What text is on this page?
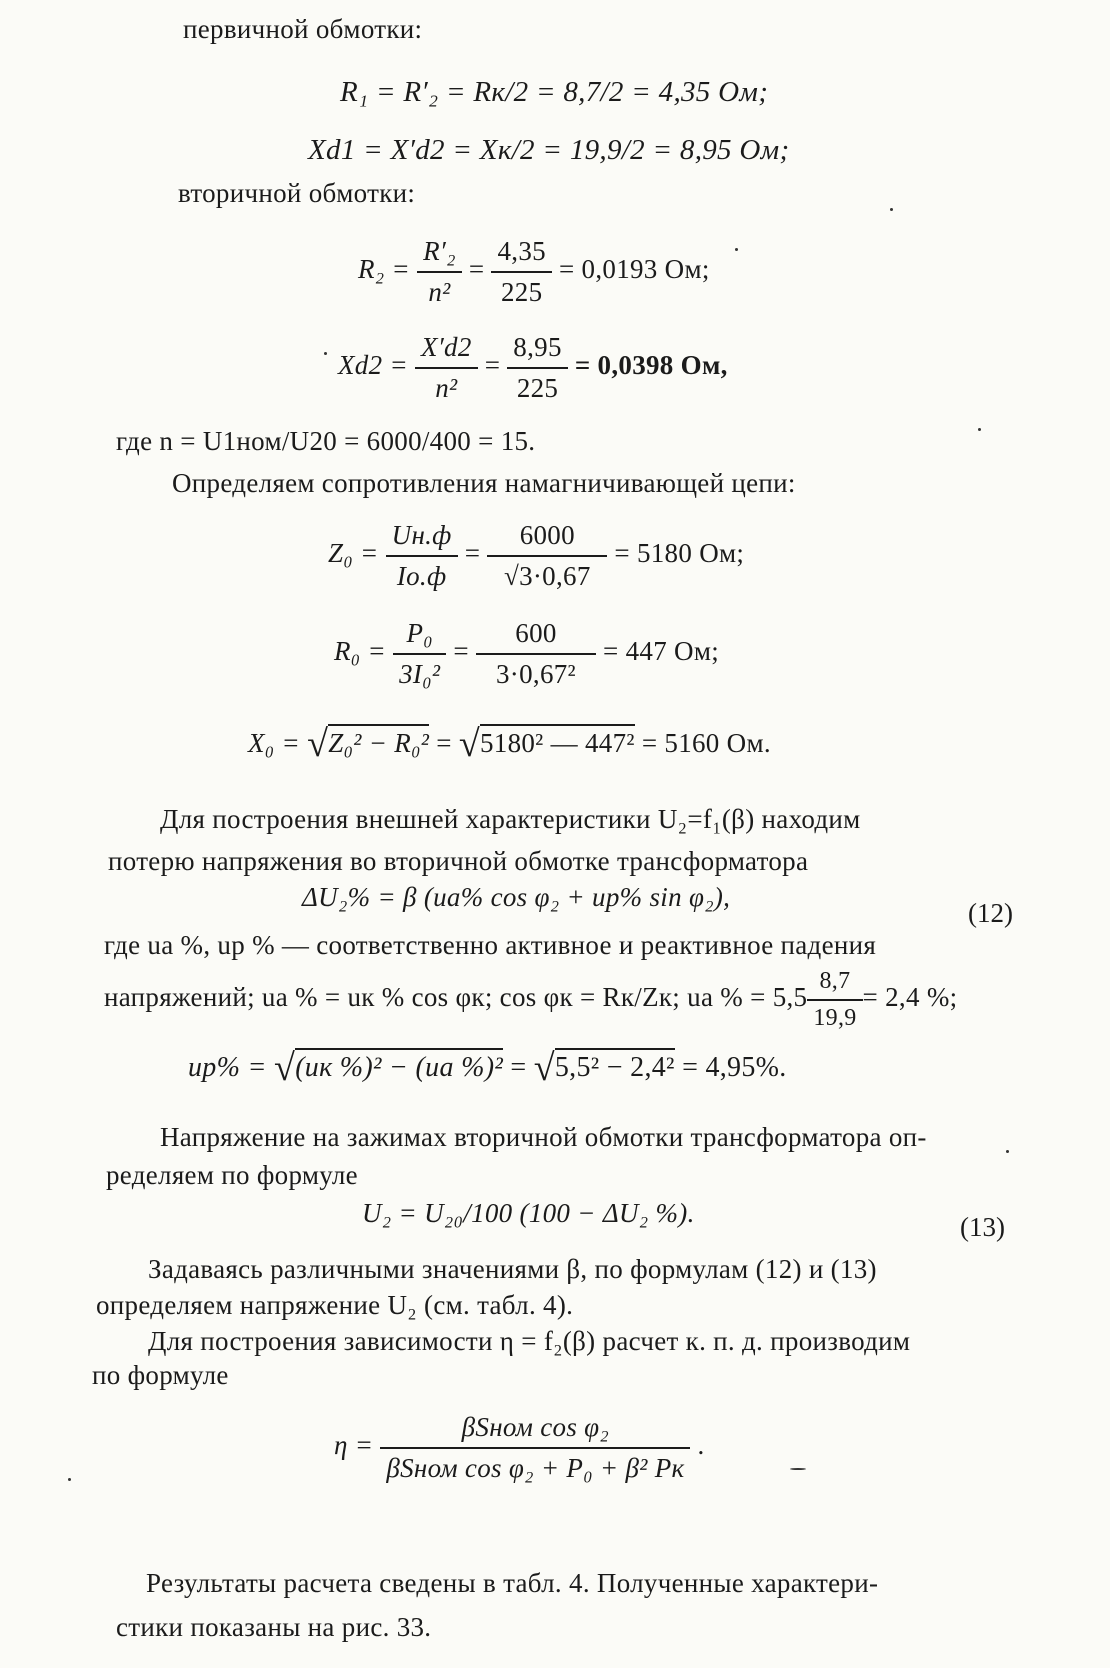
первичной обмотки:
R₁ = R′₂ = Rк/2 = 8,7/2 = 4,35 Ом;
Xd1 = X′d2 = Xк/2 = 19,9/2 = 8,95 Ом;
вторичной обмотки:
$R_2 = \frac{\text{R′₂}}{\text{n²}} = \frac{4,35}{225} = 0,0193$ Ом;
$Xd2 = \frac{X'd2}{\text{n²}} = \frac{8,95}{225} = 0,0398$ Ом,
где n = U1ном/U20 = 6000/400 = 15.
Определяем сопротивления намагничивающей цепи:
$Z_0 = \frac{Uн.ф}{Iо.ф} = \frac{6000}{√3\cdot 0,67} = 5180$ Ом;
$R_0 = \frac{\text{P₀}}{\text{3I₀²}} = \frac{600}{\text{3·0,67²}} = 447$ Ом;
X₀ = √Z₀² − R₀² = √5180² — 447² = 5160 Ом.
Для построения внешней характеристики U₂=f₁(β) находим
потерю напряжения во вторичной обмотке трансформатора
ΔU₂% = β (uа% cos φ₂ + uр% sin φ₂),
(12)
где uа %, uр % — соответственно активное и реактивное падения
напряжений; uа % = uк % cos φк; cos φк = Rк/Zк; uа % = $5,5 \frac{8,7}{19,9} = 2,4$ %;
uр% = √(uк %)² − (uа %)² = √5,5² − 2,4² = 4,95%.
Напряжение на зажимах вторичной обмотки трансформатора оп-
ределяем по формуле
U₂ = U₂₀/100 (100 − ΔU₂ %).	(13)
Задаваясь различными значениями β, по формулам (12) и (13)
определяем напряжение U₂ (см. табл. 4).
Для построения зависимости η = f₂(β) расчет к. п. д. производим
по формуле
$\eta = \frac{\text{βSном cos φ₂}}{\text{βSном cos φ₂ + P₀ + β² Pк}}$ .
Результаты расчета сведены в табл. 4. Полученные характери-
стики показаны на рис. 33.
